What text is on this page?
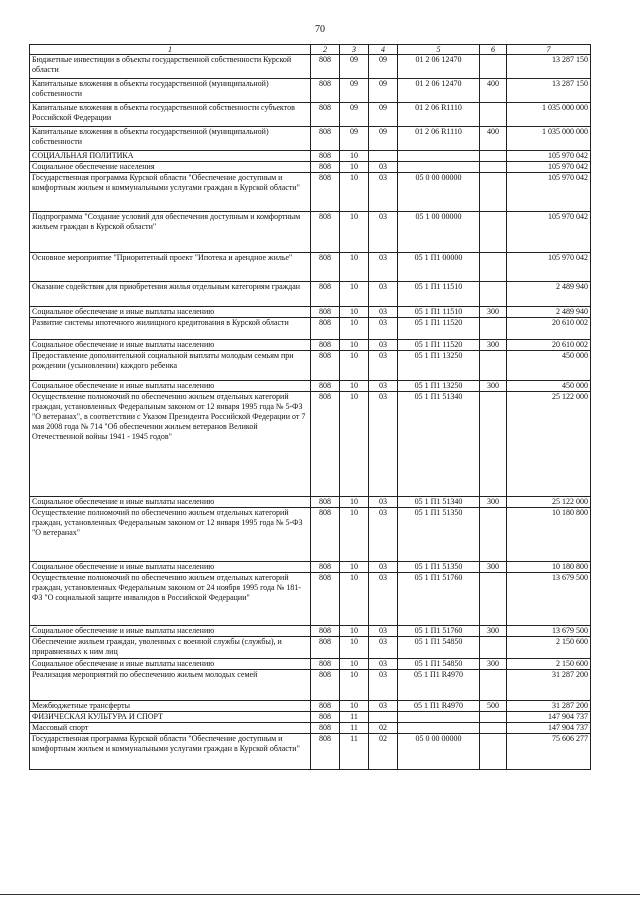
70
1	2	3	4	5	6	7
Бюджетные инвестиции в объекты государственной собственности Курской области	808	09	09	01 2 06 12470		13 287 150
Капитальные вложения в объекты государственной (муниципальной) собственности	808	09	09	01 2 06 12470	400	13 287 150
Капитальные вложения в объекты государственной собственности субъектов Российской Федерации	808	09	09	01 2 06 R1110		1 035 000 000
Капитальные вложения в объекты государственной (муниципальной) собственности	808	09	09	01 2 06 R1110	400	1 035 000 000
СОЦИАЛЬНАЯ ПОЛИТИКА	808	10				105 970 042
Социальное обеспечение населения	808	10	03			105 970 042
Государственная программа Курской области "Обеспечение доступным и комфортным жильем и коммунальными услугами граждан в Курской области"	808	10	03	05 0 00 00000		105 970 042
Подпрограмма "Создание условий для обеспечения доступным и комфортным жильем граждан в Курской области"	808	10	03	05 1 00 00000		105 970 042
Основное мероприятие "Приоритетный проект "Ипотека и арендное жилье"	808	10	03	05 1 П1 00000		105 970 042
Оказание содействия для приобретения жилья отдельным категориям граждан	808	10	03	05 1 П1 11510		2 489 940
Социальное обеспечение и иные выплаты населению	808	10	03	05 1 П1 11510	300	2 489 940
Развитие системы ипотечного жилищного кредитования в Курской области	808	10	03	05 1 П1 11520		20 610 002
Социальное обеспечение и иные выплаты населению	808	10	03	05 1 П1 11520	300	20 610 002
Предоставление дополнительной социальной выплаты молодым семьям при рождении (усыновлении) каждого ребенка	808	10	03	05 1 П1 13250		450 000
Социальное обеспечение и иные выплаты населению	808	10	03	05 1 П1 13250	300	450 000
Осуществление полномочий по обеспечению жильем отдельных категорий граждан, установленных Федеральным законом от 12 января 1995 года № 5-ФЗ "О ветеранах", в соответствии с Указом Президента Российской Федерации от 7 мая 2008 года № 714 "Об обеспечении жильем ветеранов Великой Отечественной войны 1941 - 1945 годов"	808	10	03	05 1 П1 51340		25 122 000
Социальное обеспечение и иные выплаты населению	808	10	03	05 1 П1 51340	300	25 122 000
Осуществление полномочий по обеспечению жильем отдельных категорий граждан, установленных Федеральным законом от 12 января 1995 года № 5-ФЗ "О ветеранах"	808	10	03	05 1 П1 51350		10 180 800
Социальное обеспечение и иные выплаты населению	808	10	03	05 1 П1 51350	300	10 180 800
Осуществление полномочий по обеспечению жильем отдельных категорий граждан, установленных Федеральным законом от 24 ноября 1995 года № 181-ФЗ "О социальной защите инвалидов в Российской Федерации"	808	10	03	05 1 П1 51760		13 679 500
Социальное обеспечение и иные выплаты населению	808	10	03	05 1 П1 51760	300	13 679 500
Обеспечение жильем граждан, уволенных с военной службы (службы), и приравненных к ним лиц	808	10	03	05 1 П1 54850		2 150 600
Социальное обеспечение и иные выплаты населению	808	10	03	05 1 П1 54850	300	2 150 600
Реализация мероприятий по обеспечению жильем молодых семей	808	10	03	05 1 П1 R4970		31 287 200
Межбюджетные трансферты	808	10	03	05 1 П1 R4970	500	31 287 200
ФИЗИЧЕСКАЯ КУЛЬТУРА И СПОРТ	808	11				147 904 737
Массовый спорт	808	11	02			147 904 737
Государственная программа Курской области "Обеспечение доступным и комфортным жильем и коммунальными услугами граждан в Курской области"	808	11	02	05 0 00 00000		75 606 277
